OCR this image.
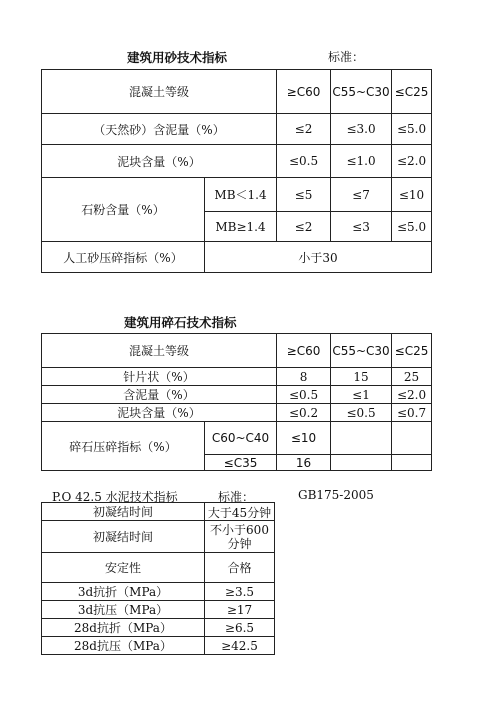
建筑用砂技术指标	标准：
混凝土等级		≥C60	C55~C30	≤C25
（天然砂）含泥量（%）		≤2	≤3.0	≤5.0
泥块含量（%）		≤0.5	≤1.0	≤2.0
石粉含量（%）	MB＜1.4	≤5	≤7	≤10
	MB≥1.4	≤2	≤3	≤5.0
人工砂压碎指标（%）	小于30			
建筑用碎石技术指标
混凝土等级		≥C60	C55~C30	≤C25
针片状（%）		8	15	25
含泥量（%）		≤0.5	≤1	≤2.0
泥块含量（%）		≤0.2	≤0.5	≤0.7
碎石压碎指标（%）	C60~C40	≤10		
	≤C35	16		
P.O 42.5 水泥技术指标	标准：	GB175-2005
初凝结时间	大于45分钟
初凝结时间	不小于600分钟
安定性	合格
3d抗折（MPa）	≥3.5
3d抗压（MPa）	≥17
28d抗折（MPa）	≥6.5
28d抗压（MPa）	≥42.5
